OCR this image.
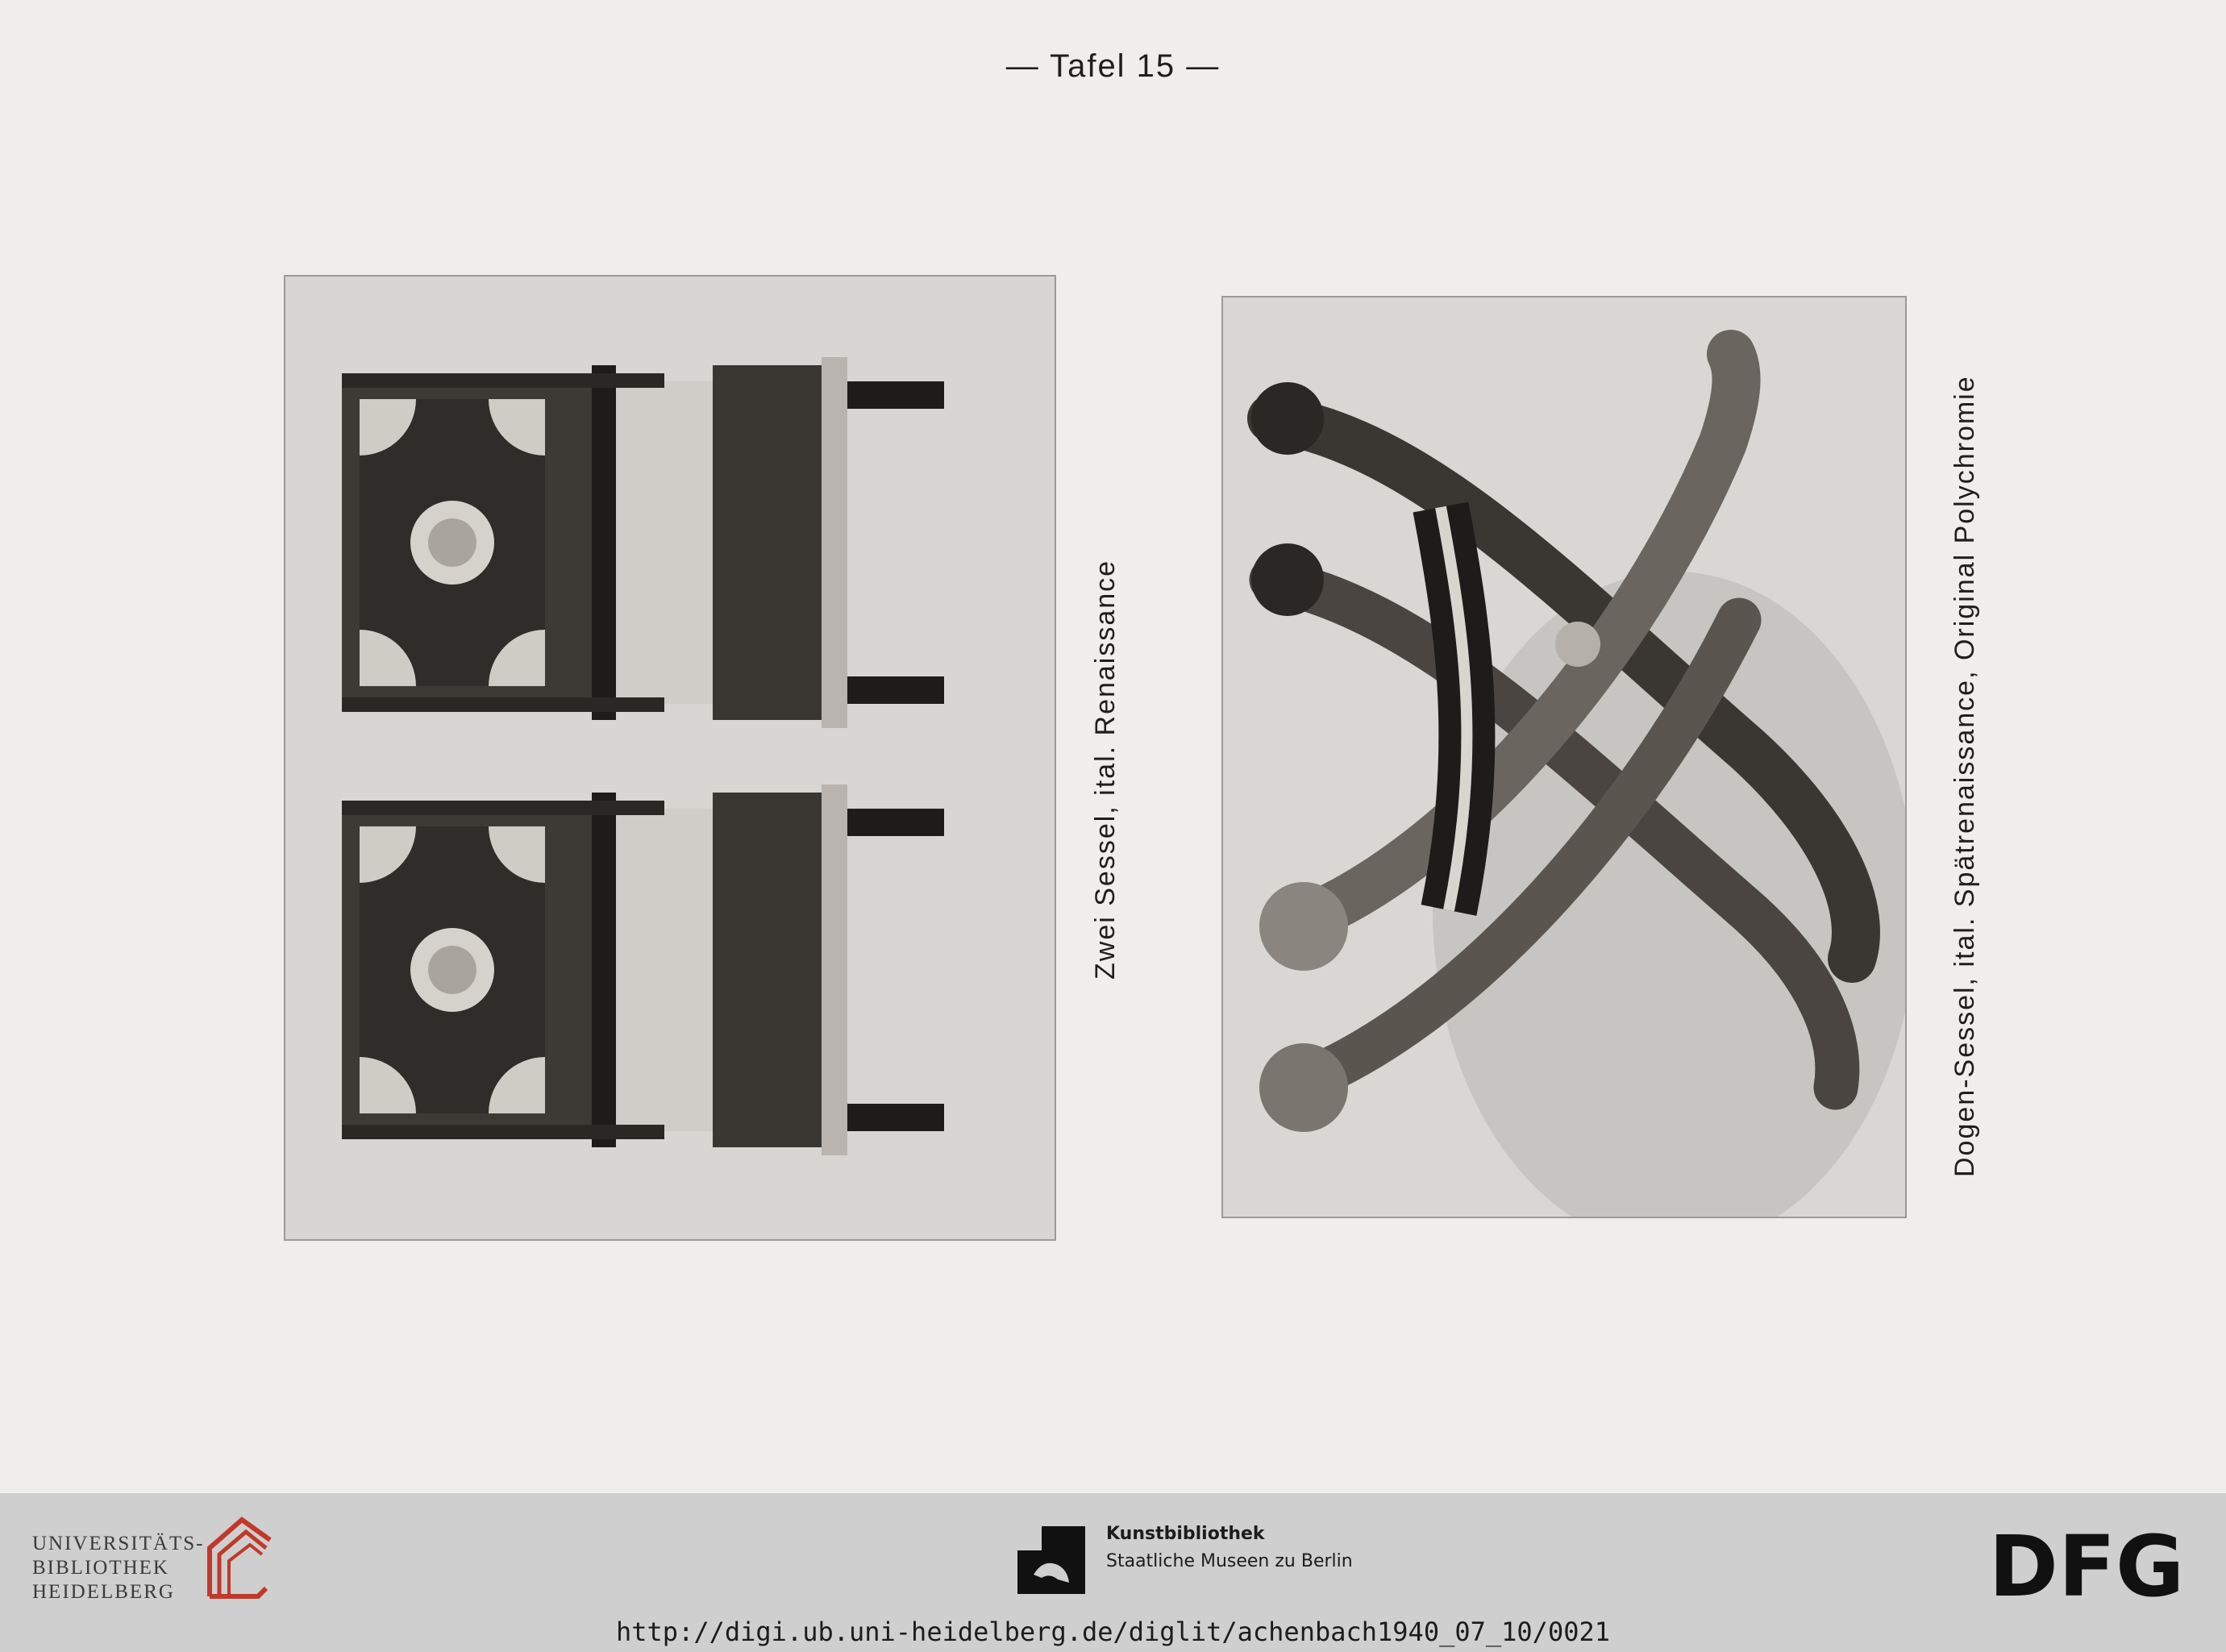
— Tafel 15 —
Zwei Sessel, ital. Renaissance	Dogen-Sessel, ital. Spätrenaissance, Original Polychromie
UNIVERSITÄTS-
BIBLIOTHEK
HEIDELBERG
Kunstbibliothek
Staatliche Museen zu Berlin	DFG
http://digi.ub.uni-heidelberg.de/diglit/achenbach1940_07_10/0021
